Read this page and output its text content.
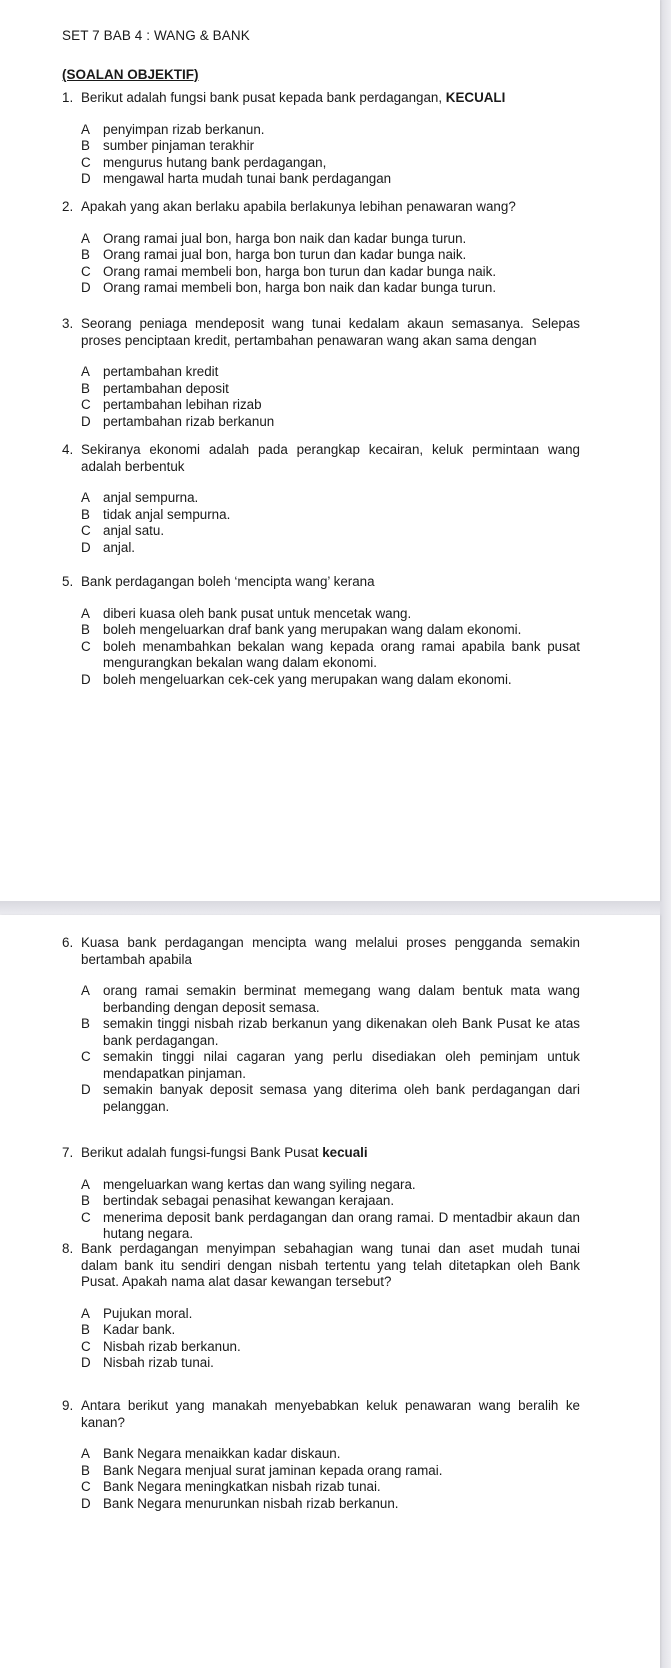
SET 7 BAB 4 : WANG & BANK
(SOALAN OBJEKTIF)
1. Berikut adalah fungsi bank pusat kepada bank perdagangan, KECUALI
A penyimpan rizab berkanun.
B sumber pinjaman terakhir
C mengurus hutang bank perdagangan,
D mengawal harta mudah tunai bank perdagangan
2. Apakah yang akan berlaku apabila berlakunya lebihan penawaran wang?
A Orang ramai jual bon, harga bon naik dan kadar bunga turun.
B Orang ramai jual bon, harga bon turun dan kadar bunga naik.
C Orang ramai membeli bon, harga bon turun dan kadar bunga naik.
D Orang ramai membeli bon, harga bon naik dan kadar bunga turun.
3. Seorang peniaga mendeposit wang tunai kedalam akaun semasanya. Selepas proses penciptaan kredit, pertambahan penawaran wang akan sama dengan
A pertambahan kredit
B pertambahan deposit
C pertambahan lebihan rizab
D pertambahan rizab berkanun
4. Sekiranya ekonomi adalah pada perangkap kecairan, keluk permintaan wang adalah berbentuk
A anjal sempurna.
B tidak anjal sempurna.
C anjal satu.
D anjal.
5. Bank perdagangan boleh ‘mencipta wang’ kerana
A diberi kuasa oleh bank pusat untuk mencetak wang.
B boleh mengeluarkan draf bank yang merupakan wang dalam ekonomi.
C boleh menambahkan bekalan wang kepada orang ramai apabila bank pusat mengurangkan bekalan wang dalam ekonomi.
D boleh mengeluarkan cek-cek yang merupakan wang dalam ekonomi.
6. Kuasa bank perdagangan mencipta wang melalui proses pengganda semakin bertambah apabila
A orang ramai semakin berminat memegang wang dalam bentuk mata wang berbanding dengan deposit semasa.
B semakin tinggi nisbah rizab berkanun yang dikenakan oleh Bank Pusat ke atas bank perdagangan.
C semakin tinggi nilai cagaran yang perlu disediakan oleh peminjam untuk mendapatkan pinjaman.
D semakin banyak deposit semasa yang diterima oleh bank perdagangan dari pelanggan.
7. Berikut adalah fungsi-fungsi Bank Pusat kecuali
A mengeluarkan wang kertas dan wang syiling negara.
B bertindak sebagai penasihat kewangan kerajaan.
C menerima deposit bank perdagangan dan orang ramai. D mentadbir akaun dan hutang negara.
8. Bank perdagangan menyimpan sebahagian wang tunai dan aset mudah tunai dalam bank itu sendiri dengan nisbah tertentu yang telah ditetapkan oleh Bank Pusat. Apakah nama alat dasar kewangan tersebut?
A Pujukan moral.
B Kadar bank.
C Nisbah rizab berkanun.
D Nisbah rizab tunai.
9. Antara berikut yang manakah menyebabkan keluk penawaran wang beralih ke kanan?
A Bank Negara menaikkan kadar diskaun.
B Bank Negara menjual surat jaminan kepada orang ramai.
C Bank Negara meningkatkan nisbah rizab tunai.
D Bank Negara menurunkan nisbah rizab berkanun.
